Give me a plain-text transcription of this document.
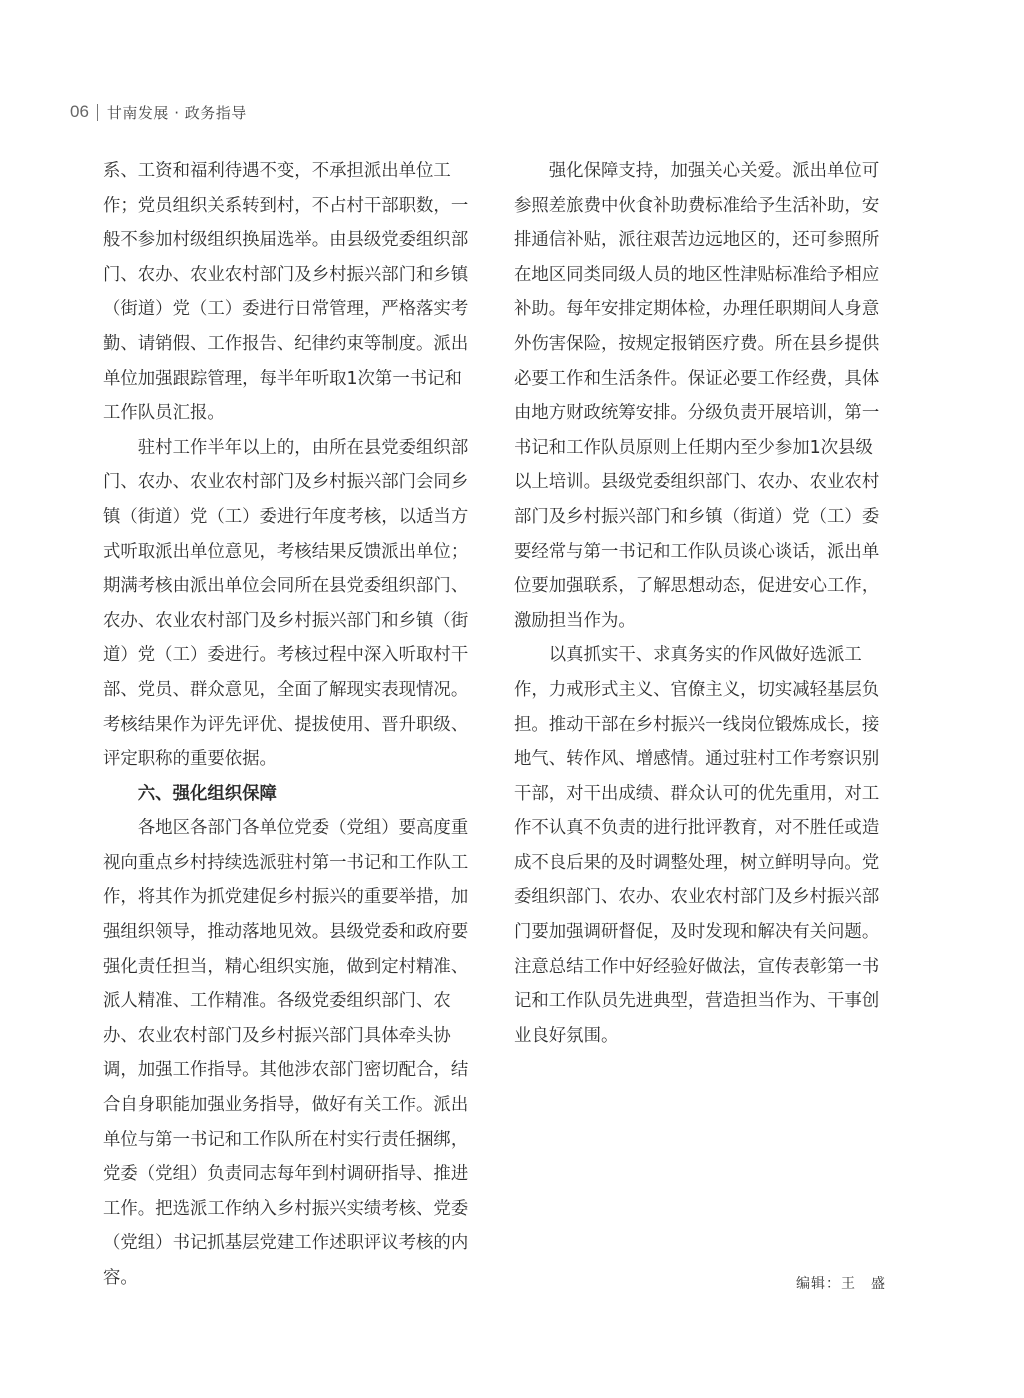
06 甘南发展 · 政务指导
系、工资和福利待遇不变，不承担派出单位工
作；党员组织关系转到村，不占村干部职数，一
般不参加村级组织换届选举。由县级党委组织部
门、农办、农业农村部门及乡村振兴部门和乡镇
（街道）党（工）委进行日常管理，严格落实考
勤、请销假、工作报告、纪律约束等制度。派出
单位加强跟踪管理，每半年听取1次第一书记和
工作队员汇报。
　　驻村工作半年以上的，由所在县党委组织部
门、农办、农业农村部门及乡村振兴部门会同乡
镇（街道）党（工）委进行年度考核，以适当方
式听取派出单位意见，考核结果反馈派出单位；
期满考核由派出单位会同所在县党委组织部门、
农办、农业农村部门及乡村振兴部门和乡镇（街
道）党（工）委进行。考核过程中深入听取村干
部、党员、群众意见，全面了解现实表现情况。
考核结果作为评先评优、提拔使用、晋升职级、
评定职称的重要依据。
　　六、强化组织保障
　　各地区各部门各单位党委（党组）要高度重
视向重点乡村持续选派驻村第一书记和工作队工
作，将其作为抓党建促乡村振兴的重要举措，加
强组织领导，推动落地见效。县级党委和政府要
强化责任担当，精心组织实施，做到定村精准、
派人精准、工作精准。各级党委组织部门、农
办、农业农村部门及乡村振兴部门具体牵头协
调，加强工作指导。其他涉农部门密切配合，结
合自身职能加强业务指导，做好有关工作。派出
单位与第一书记和工作队所在村实行责任捆绑，
党委（党组）负责同志每年到村调研指导、推进
工作。把选派工作纳入乡村振兴实绩考核、党委
（党组）书记抓基层党建工作述职评议考核的内
容。
　　强化保障支持，加强关心关爱。派出单位可
参照差旅费中伙食补助费标准给予生活补助，安
排通信补贴，派往艰苦边远地区的，还可参照所
在地区同类同级人员的地区性津贴标准给予相应
补助。每年安排定期体检，办理任职期间人身意
外伤害保险，按规定报销医疗费。所在县乡提供
必要工作和生活条件。保证必要工作经费，具体
由地方财政统筹安排。分级负责开展培训，第一
书记和工作队员原则上任期内至少参加1次县级
以上培训。县级党委组织部门、农办、农业农村
部门及乡村振兴部门和乡镇（街道）党（工）委
要经常与第一书记和工作队员谈心谈话，派出单
位要加强联系，了解思想动态，促进安心工作，
激励担当作为。
　　以真抓实干、求真务实的作风做好选派工
作，力戒形式主义、官僚主义，切实减轻基层负
担。推动干部在乡村振兴一线岗位锻炼成长，接
地气、转作风、增感情。通过驻村工作考察识别
干部，对干出成绩、群众认可的优先重用，对工
作不认真不负责的进行批评教育，对不胜任或造
成不良后果的及时调整处理，树立鲜明导向。党
委组织部门、农办、农业农村部门及乡村振兴部
门要加强调研督促，及时发现和解决有关问题。
注意总结工作中好经验好做法，宣传表彰第一书
记和工作队员先进典型，营造担当作为、干事创
业良好氛围。
编辑：王　盛
